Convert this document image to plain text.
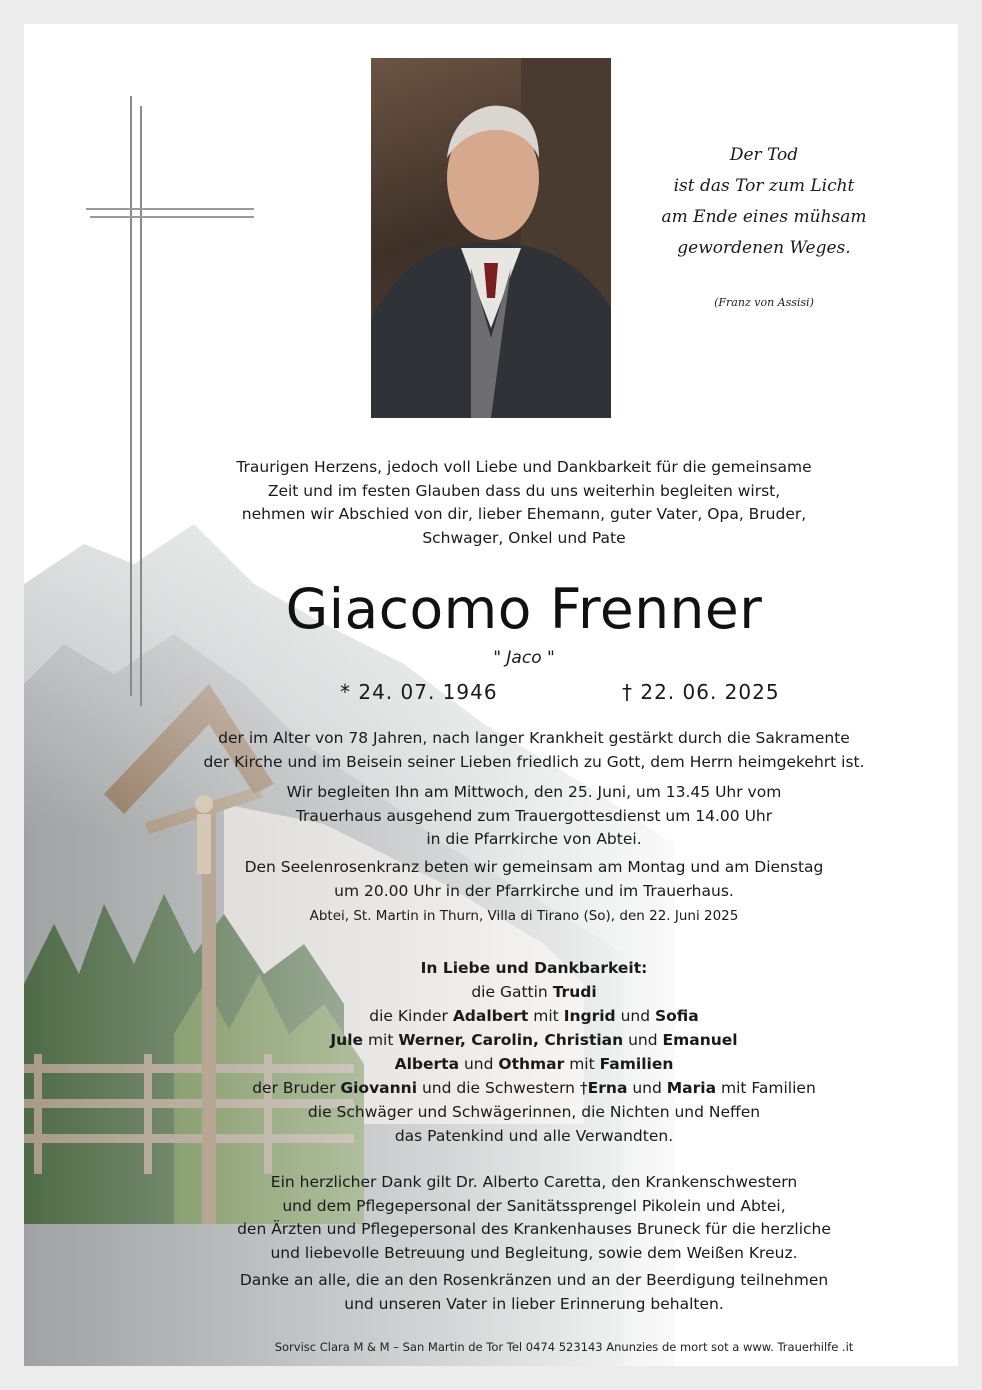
Der Tod
ist das Tor zum Licht
am Ende eines mühsam
gewordenen Weges.
(Franz von Assisi)
Traurigen Herzens, jedoch voll Liebe und Dankbarkeit für die gemeinsame
Zeit und im festen Glauben dass du uns weiterhin begleiten wirst,
nehmen wir Abschied von dir, lieber Ehemann, guter Vater, Opa, Bruder,
Schwager, Onkel und Pate
Giacomo Frenner
" Jaco "
* 24. 07. 1946	† 22. 06. 2025
der im Alter von 78 Jahren, nach langer Krankheit gestärkt durch die Sakramente
der Kirche und im Beisein seiner Lieben friedlich zu Gott, dem Herrn heimgekehrt ist.
Wir begleiten Ihn am Mittwoch, den 25. Juni, um 13.45 Uhr vom
Trauerhaus ausgehend zum Trauergottesdienst um 14.00 Uhr
in die Pfarrkirche von Abtei.
Den Seelenrosenkranz beten wir gemeinsam am Montag und am Dienstag
um 20.00 Uhr in der Pfarrkirche und im Trauerhaus.
Abtei, St. Martin in Thurn, Villa di Tirano (So), den 22. Juni 2025
In Liebe und Dankbarkeit:
die Gattin Trudi
die Kinder Adalbert mit Ingrid und Sofia
Jule mit Werner, Carolin, Christian und Emanuel
Alberta und Othmar mit Familien
der Bruder Giovanni und die Schwestern †Erna und Maria mit Familien
die Schwäger und Schwägerinnen, die Nichten und Neffen
das Patenkind und alle Verwandten.
Ein herzlicher Dank gilt Dr. Alberto Caretta, den Krankenschwestern
und dem Pflegepersonal der Sanitätssprengel Pikolein und Abtei,
den Ärzten und Pflegepersonal des Krankenhauses Bruneck für die herzliche
und liebevolle Betreuung und Begleitung, sowie dem Weißen Kreuz.
Danke an alle, die an den Rosenkränzen und an der Beerdigung teilnehmen
und unseren Vater in lieber Erinnerung behalten.
Sorvisc Clara M & M – San Martin de Tor Tel 0474 523143 Anunzies de mort sot a www. Trauerhilfe .it
